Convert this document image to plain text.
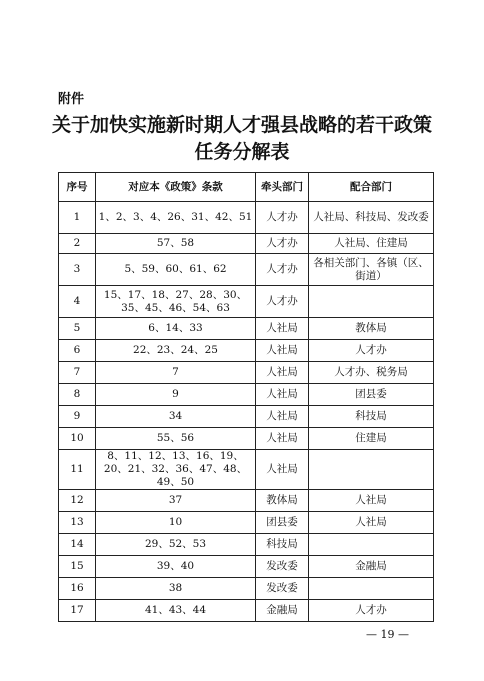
附件
关于加快实施新时期人才强县战略的若干政策
任务分解表
序号	对应本《政策》条款	牵头部门	配合部门
1	1、2、3、4、26、31、42、51	人才办	人社局、科技局、发改委
2	57、58	人才办	人社局、住建局
3	5、59、60、61、62	人才办	各相关部门、各镇（区、街道）
4	15、17、18、27、28、30、35、45、46、54、63	人才办	
5	6、14、33	人社局	教体局
6	22、23、24、25	人社局	人才办
7	7	人社局	人才办、税务局
8	9	人社局	团县委
9	34	人社局	科技局
10	55、56	人社局	住建局
11	8、11、12、13、16、19、20、21、32、36、47、48、49、50	人社局	
12	37	教体局	人社局
13	10	团县委	人社局
14	29、52、53	科技局	
15	39、40	发改委	金融局
16	38	发改委	
17	41、43、44	金融局	人才办
— 19 —
